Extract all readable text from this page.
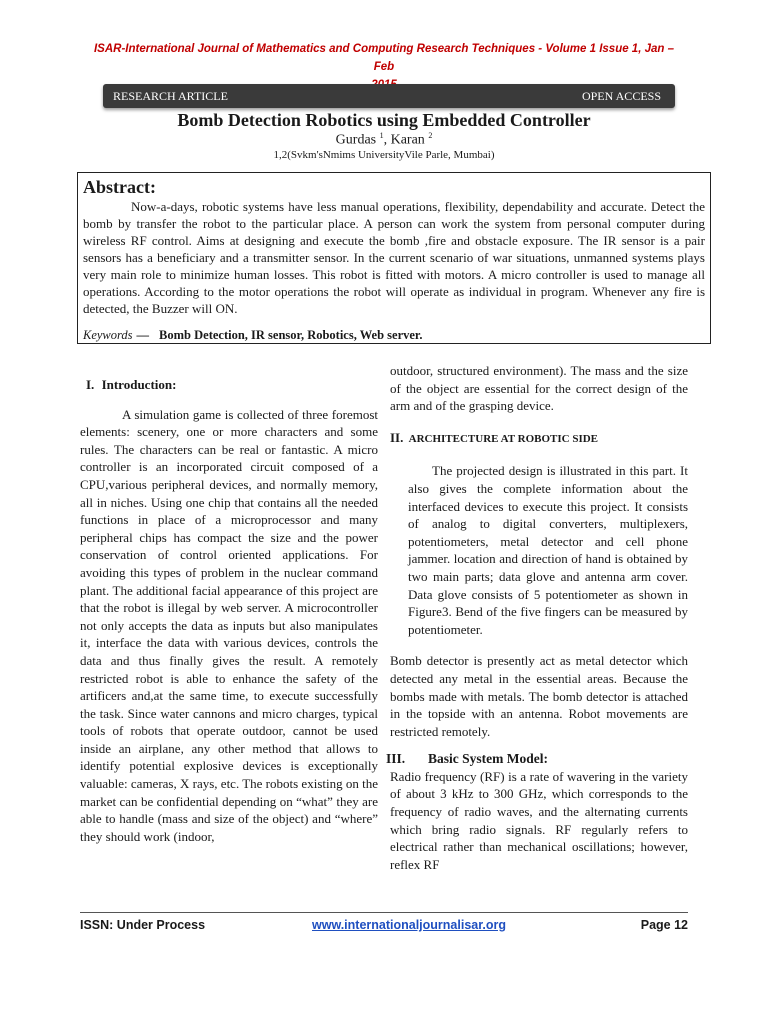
ISAR-International Journal of Mathematics and Computing Research Techniques - Volume 1 Issue 1, Jan – Feb
RESEARCH ARTICLE	OPEN ACCESS
Bomb Detection Robotics using Embedded Controller
Gurdas $^1$, Karan $^2$
1,2(Svkm'sNmims UniversityVile Parle, Mumbai)
Abstract:
Now-a-days, robotic systems have less manual operations, flexibility, dependability and accurate. Detect the bomb by transfer the robot to the particular place. A person can work the system from personal computer during wireless RF control. Aims at designing and execute the bomb ,fire and obstacle exposure. The IR sensor is a pair sensors has a beneficiary and a transmitter sensor. In the current scenario of war situations, unmanned systems plays very main role to minimize human losses. This robot is fitted with motors. A micro controller is used to manage all operations. According to the motor operations the robot will operate as individual in program. Whenever any fire is detected, the Buzzer will ON.
Keywords — Bomb Detection, IR sensor, Robotics, Web server.
I. Introduction:

A simulation game is collected of three foremost elements: scenery, one or more characters and some rules. The characters can be real or fantastic. A micro controller is an incorporated circuit composed of a CPU,various peripheral devices, and normally memory, all in niches. Using one chip that contains all the needed functions in place of a microprocessor and many peripheral chips has compact the size and the power conservation of control oriented applications. For avoiding this types of problem in the nuclear command plant. The additional facial appearance of this project are that the robot is illegal by web server. A microcontroller not only accepts the data as inputs but also manipulates it, interface the data with various devices, controls the data and thus finally gives the result. A remotely restricted robot is able to enhance the safety of the artificers and,at the same time, to execute successfully the task. Since water cannons and micro charges, typical tools of robots that operate outdoor, cannot be used inside an airplane, any other method that allows to identify potential explosive devices is exceptionally valuable: cameras, X rays, etc. The robots existing on the market can be confidential depending on “what” they are able to handle (mass and size of the object) and “where” they should work (indoor,

outdoor, structured environment). The mass and the size of the object are essential for the correct design of the arm and of the grasping device.

II. ARCHITECTURE AT ROBOTIC SIDE

The projected design is illustrated in this part. It also gives the complete information about the interfaced devices to execute this project. It consists of analog to digital converters, multiplexers, potentiometers, metal detector and cell phone jammer. location and direction of hand is obtained by two main parts; data glove and antenna arm cover. Data glove consists of 5 potentiometer as shown in Figure3. Bend of the five fingers can be measured by potentiometer.

Bomb detector is presently act as metal detector which detected any metal in the essential areas. Because the bombs made with metals. The bomb detector is attached in the topside with an antenna. Robot movements are restricted remotely.

III. Basic System Model:

Radio frequency (RF) is a rate of wavering in the variety of about 3 kHz to 300 GHz, which corresponds to the frequency of radio waves, and the alternating currents which bring radio signals. RF regularly refers to electrical rather than mechanical oscillations; however, reflex RF

ISSN: Under Process	www.internationaljournalisar.org	Page 12
